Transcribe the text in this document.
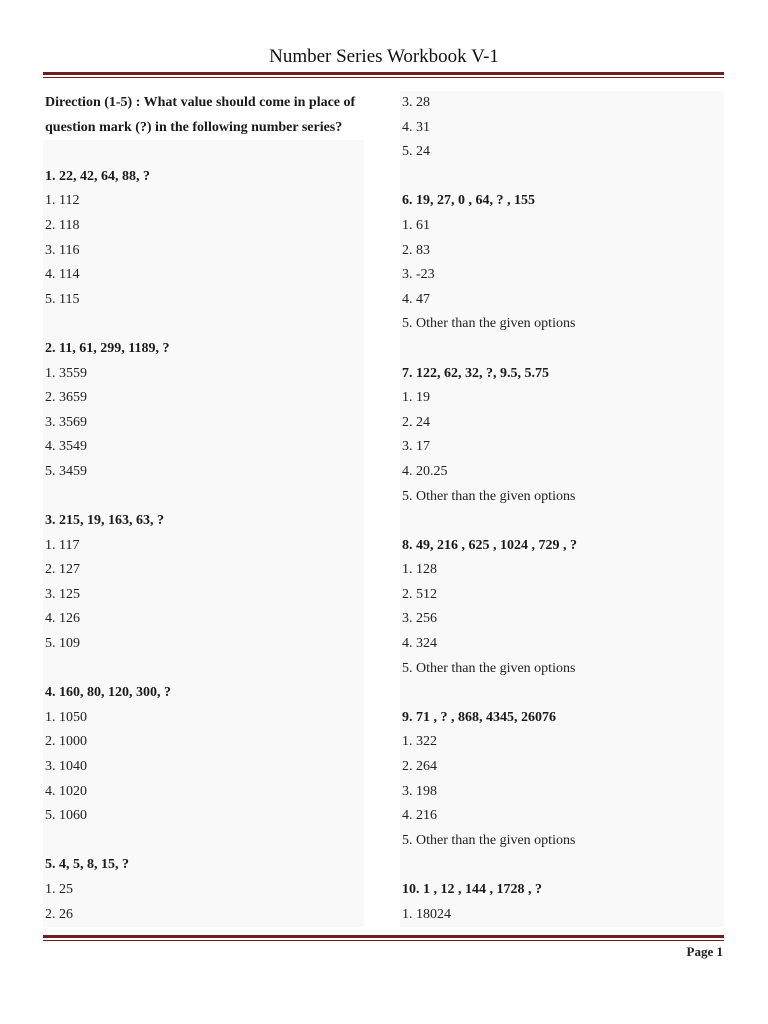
Number Series Workbook V-1
Direction (1-5) : What value should come in place of
question mark (?) in the following number series?
1. 22, 42, 64, 88, ?
1. 112
2. 118
3. 116
4. 114
5. 115
2. 11, 61, 299, 1189, ?
1. 3559
2. 3659
3. 3569
4. 3549
5. 3459
3. 215, 19, 163, 63, ?
1. 117
2. 127
3. 125
4. 126
5. 109
4. 160, 80, 120, 300, ?
1. 1050
2. 1000
3. 1040
4. 1020
5. 1060
5. 4, 5, 8, 15, ?
1. 25
2. 26
3. 28
4. 31
5. 24
6. 19, 27, 0 , 64, ? , 155
1. 61
2. 83
3. -23
4. 47
5. Other than the given options
7. 122, 62, 32, ?, 9.5, 5.75
1. 19
2. 24
3. 17
4. 20.25
5. Other than the given options
8. 49, 216 , 625 , 1024 , 729 , ?
1. 128
2. 512
3. 256
4. 324
5. Other than the given options
9. 71 , ? , 868, 4345, 26076
1. 322
2. 264
3. 198
4. 216
5. Other than the given options
10. 1 , 12 , 144 , 1728 , ?
1. 18024
Page 1
